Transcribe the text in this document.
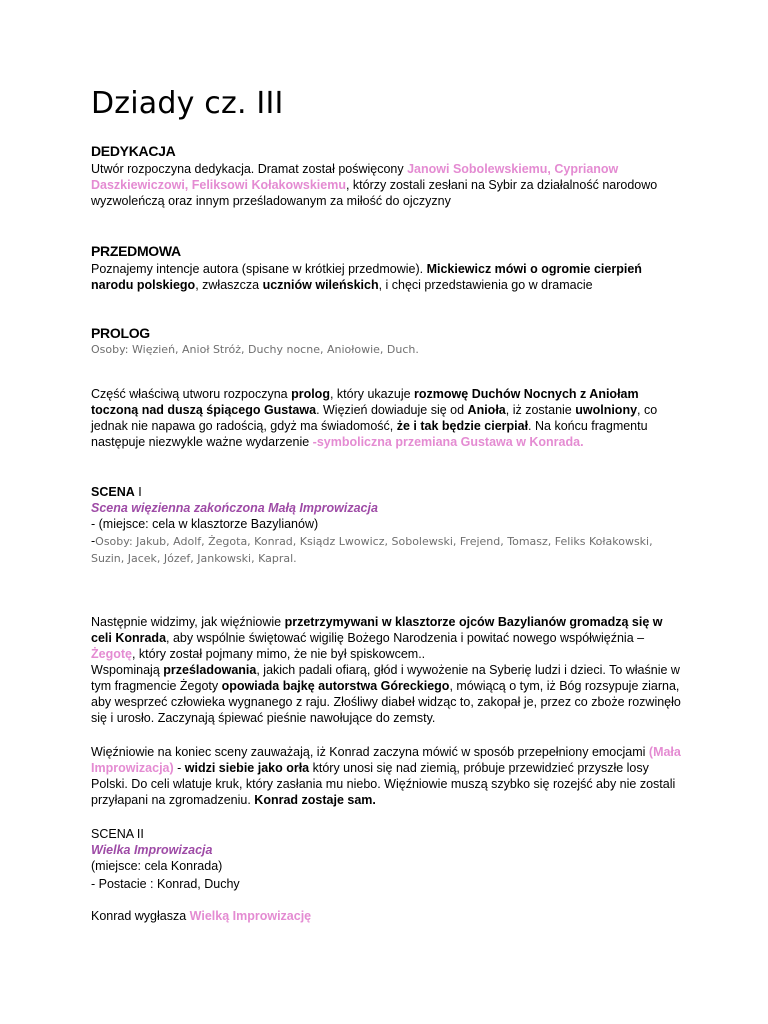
Dziady cz. III
DEDYKACJA

Utwór rozpoczyna dedykacja. Dramat został poświęcony Janowi Sobolewskiemu, Cyprianow Daszkiewiczowi, Feliksowi Kołakowskiemu, którzy zostali zesłani na Sybir za działalność narodowo wyzwoleńczą oraz innym prześladowanym za miłość do ojczyzny

PRZEDMOWA

Poznajemy intencje autora (spisane w krótkiej przedmowie). Mickiewicz mówi o ogromie cierpień narodu polskiego, zwłaszcza uczniów wileńskich, i chęci przedstawienia go w dramacie

PROLOG

Osoby: Więzień, Anioł Stróż, Duchy nocne, Aniołowie, Duch.

Część właściwą utworu rozpoczyna prolog, który ukazuje rozmowę Duchów Nocnych z Aniołam toczoną nad duszą śpiącego Gustawa. Więzień dowiaduje się od Anioła, iż zostanie uwolniony, co jednak nie napawa go radością, gdyż ma świadomość, że i tak będzie cierpiał. Na końcu fragmentu następuje niezwykle ważne wydarzenie -symboliczna przemiana Gustawa w Konrada.

SCENA I

Scena więzienna zakończona Małą Improwizacja

- (miejsce: cela w klasztorze Bazylianów)

-Osoby: Jakub, Adolf, Żegota, Konrad, Ksiądz Lwowicz, Sobolewski, Frejend, Tomasz, Feliks Kołakowski, Suzin, Jacek, Józef, Jankowski, Kapral.

Następnie widzimy, jak więźniowie przetrzymywani w klasztorze ojców Bazylianów gromadzą się w celi Konrada, aby wspólnie świętować wigilię Bożego Narodzenia i powitać nowego współwięźnia – Żegotę, który został pojmany mimo, że nie był spiskowcem..
Wspominają prześladowania, jakich padali ofiarą, głód i wywożenie na Syberię ludzi i dzieci. To właśnie w tym fragmencie Żegoty opowiada bajkę autorstwa Góreckiego, mówiącą o tym, iż Bóg rozsypuje ziarna, aby wesprzeć człowieka wygnanego z raju. Złośliwy diabeł widząc to, zakopał je, przez co zboże rozwinęło się i urosło. Zaczynają śpiewać pieśnie nawołujące do zemsty.

Więźniowie na koniec sceny zauważają, iż Konrad zaczyna mówić w sposób przepełniony emocjami (Mała Improwizacja) - widzi siebie jako orła który unosi się nad ziemią, próbuje przewidzieć przyszłe losy Polski. Do celi wlatuje kruk, który zasłania mu niebo. Więźniowie muszą szybko się rozejść aby nie zostali przyłapani na zgromadzeniu. Konrad zostaje sam.

SCENA II

Wielka Improwizacja

(miejsce: cela Konrada)

- Postacie : Konrad, Duchy

Konrad wygłasza Wielką Improwizację
